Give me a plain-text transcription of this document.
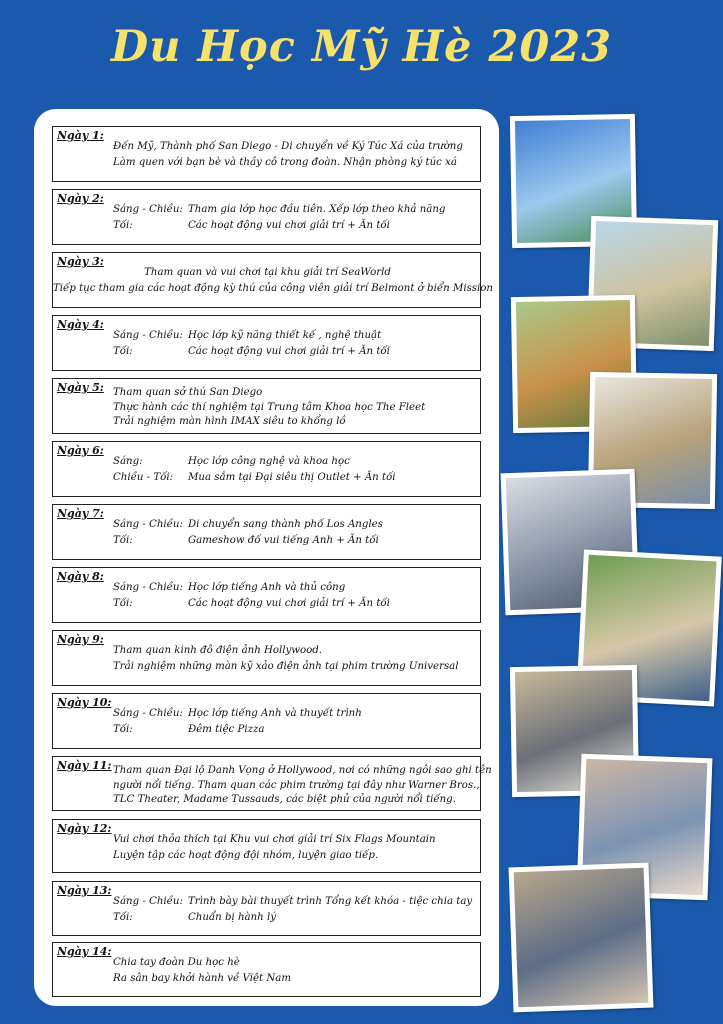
Du Học Mỹ Hè 2023
Ngày 1:
Đến Mỹ, Thành phố San Diego - Di chuyển về Ký Túc Xá của trường
Làm quen với bạn bè và thầy cô trong đoàn. Nhận phòng ký túc xá
Ngày 2:
Sáng - Chiều: Tham gia lớp học đầu tiên. Xếp lớp theo khả năng
Tối:	Các hoạt động vui chơi giải trí + Ăn tối
Ngày 3:
Tham quan và vui chơi tại khu giải trí SeaWorld
Tiếp tục tham gia các hoạt động kỳ thú của công viên giải trí Belmont ở biển Mission
Ngày 4:
Sáng - Chiều: Học lớp kỹ năng thiết kế , nghệ thuật
Tối:	Các hoạt động vui chơi giải trí + Ăn tối
Ngày 5: Tham quan sở thú San Diego
Thực hành các thí nghiệm tại Trung tâm Khoa học The Fleet
Trải nghiệm màn hình IMAX siêu to khổng lồ
Ngày 6:
Sáng:	Học lớp công nghệ và khoa học
Chiều - Tối: Mua sắm tại Đại siêu thị Outlet + Ăn tối
Ngày 7:
Sáng - Chiều: Di chuyển sang thành phố Los Angles
Tối:	Gameshow đố vui tiếng Anh + Ăn tối
Ngày 8:
Sáng - Chiều: Học lớp tiếng Anh và thủ công
Tối:	Các hoạt động vui chơi giải trí + Ăn tối
Ngày 9:
Tham quan kinh đô điện ảnh Hollywood.
Trải nghiệm những màn kỹ xảo điện ảnh tại phim trường Universal
Ngày 10:
Sáng - Chiều: Học lớp tiếng Anh và thuyết trình
Tối:	Đêm tiệc Pizza
Ngày 11: Tham quan Đại lộ Danh Vọng ở Hollywood, nơi có những ngôi sao ghi tên
người nổi tiếng. Tham quan các phim trường tại đây như Warner Bros.,
TLC Theater, Madame Tussauds, các biệt phủ của người nổi tiếng.
Ngày 12:
Vui chơi thỏa thích tại Khu vui chơi giải trí Six Flags Mountain
Luyện tập các hoạt động đội nhóm, luyện giao tiếp.
Ngày 13:
Sáng - Chiều: Trình bày bài thuyết trình Tổng kết khóa - tiệc chia tay
Tối:	Chuẩn bị hành lý
Ngày 14:
Chia tay đoàn Du học hè
Ra sân bay khởi hành về Việt Nam
